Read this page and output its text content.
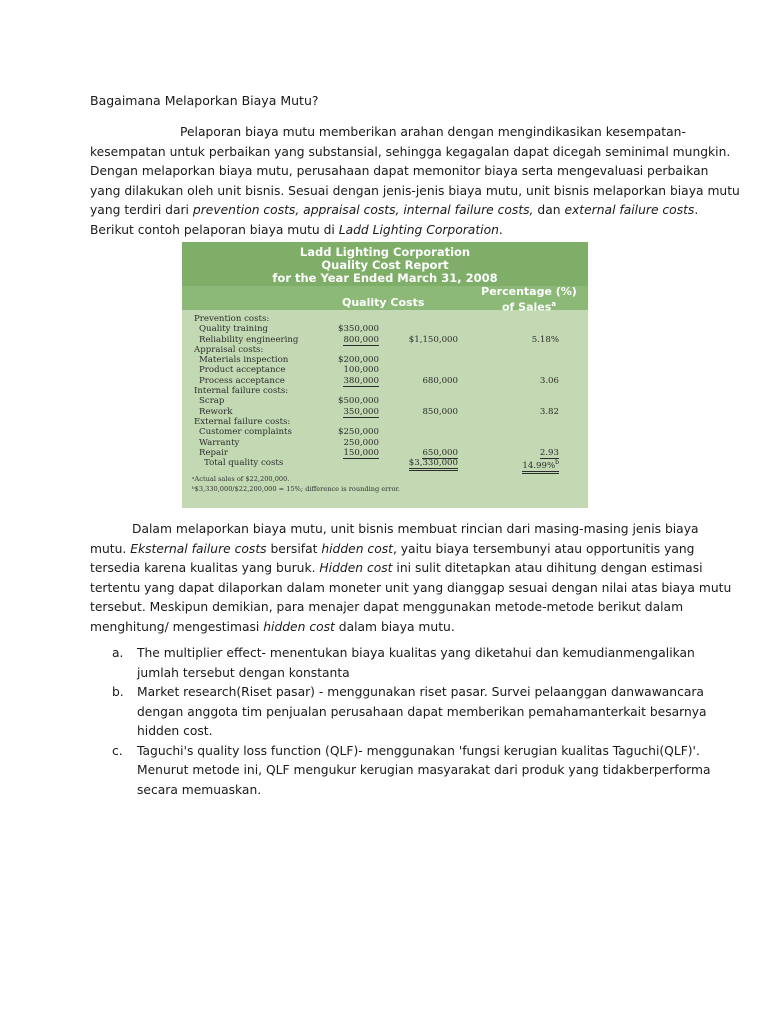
Bagaimana Melaporkan Biaya Mutu?

Pelaporan biaya mutu memberikan arahan dengan mengindikasikan kesempatan-
kesempatan untuk perbaikan yang substansial, sehingga kegagalan dapat dicegah seminimal mungkin.
Dengan melaporkan biaya mutu, perusahaan dapat memonitor biaya serta mengevaluasi perbaikan
yang dilakukan oleh unit bisnis. Sesuai dengan jenis-jenis biaya mutu, unit bisnis melaporkan biaya mutu
yang terdiri dari prevention costs, appraisal costs, internal failure costs, dan external failure costs.
Berikut contoh pelaporan biaya mutu di Ladd Lighting Corporation.

Ladd Lighting Corporation
Quality Cost Report
for the Year Ended March 31, 2008
Quality Costs
Percentage (%)
of Sales$^a$
Prevention costs:
Quality training	$350,000
Reliability engineering	800,000	$1,150,000	5.18%
Appraisal costs:
Materials inspection	$200,000
Product acceptance	100,000
Process acceptance	380,000	680,000	3.06
Internal failure costs:
Scrap	$500,000
Rework	350,000	850,000	3.82
External failure costs:
Customer complaints	$250,000
Warranty	250,000
Repair	150,000	650,000	2.93
Total quality costs	$3,330,000	14.99%$^b$
ᵃActual sales of $22,200,000.
ᵇ$3,330,000/$22,200,000 = 15%; difference is rounding error.

Dalam melaporkan biaya mutu, unit bisnis membuat rincian dari masing-masing jenis biaya
mutu. Eksternal failure costs bersifat hidden cost, yaitu biaya tersembunyi atau opportunitis yang
tersedia karena kualitas yang buruk. Hidden cost ini sulit ditetapkan atau dihitung dengan estimasi
tertentu yang dapat dilaporkan dalam moneter unit yang dianggap sesuai dengan nilai atas biaya mutu
tersebut. Meskipun demikian, para menajer dapat menggunakan metode-metode berikut dalam
menghitung/ mengestimasi hidden cost dalam biaya mutu.

a. The multiplier effect- menentukan biaya kualitas yang diketahui dan kemudianmengalikan
jumlah tersebut dengan konstanta
b. Market research(Riset pasar) - menggunakan riset pasar. Survei pelaanggan danwawancara
dengan anggota tim penjualan perusahaan dapat memberikan pemahamanterkait besarnya
hidden cost.
c. Taguchi's quality loss function (QLF)- menggunakan 'fungsi kerugian kualitas Taguchi(QLF)'.
Menurut metode ini, QLF mengukur kerugian masyarakat dari produk yang tidakberperforma
secara memuaskan.
